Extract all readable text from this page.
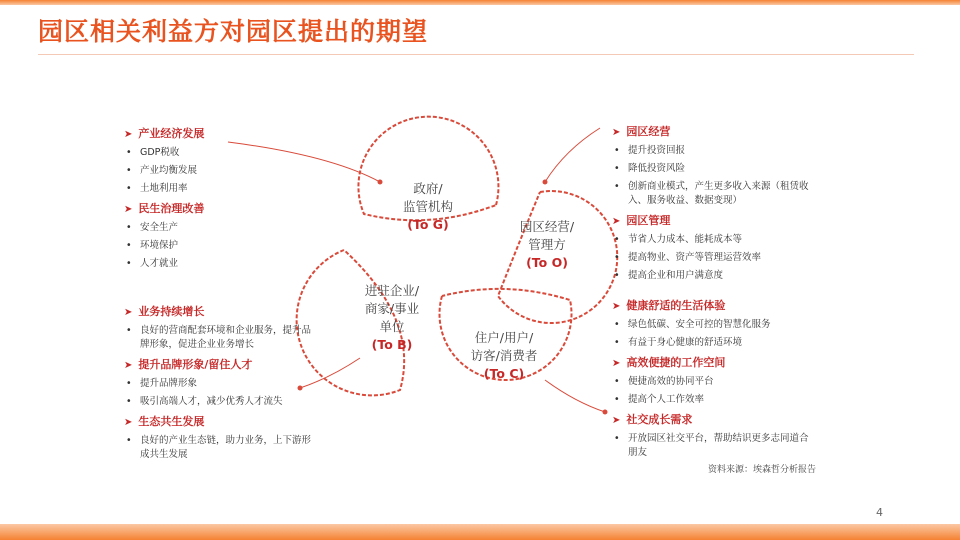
园区相关利益方对园区提出的期望
政府/
监管机构
(To G)	园区经营/
管理方
(To O)
进驻企业/
商家/事业
单位
(To B)	住户/用户/
访客/消费者
(To C)
➤ 产业经济发展
• GDP税收
• 产业均衡发展
• 土地利用率
➤ 民生治理改善
• 安全生产
• 环境保护
• 人才就业
➤ 业务持续增长
• 良好的营商配套环境和企业服务，提升品牌形象，促进企业业务增长
➤ 提升品牌形象/留住人才
• 提升品牌形象
• 吸引高端人才，减少优秀人才流失
➤ 生态共生发展
• 良好的产业生态链，助力业务，上下游形成共生发展
➤ 园区经营
• 提升投资回报
• 降低投资风险
• 创新商业模式，产生更多收入来源（租赁收入、服务收益、数据变现）
➤ 园区管理
• 节省人力成本、能耗成本等
• 提高物业、资产等管理运营效率
• 提高企业和用户满意度
➤ 健康舒适的生活体验
• 绿色低碳、安全可控的智慧化服务
• 有益于身心健康的舒适环境
➤ 高效便捷的工作空间
• 便捷高效的协同平台
• 提高个人工作效率
➤ 社交成长需求
• 开放园区社交平台，帮助结识更多志同道合朋友
资料来源：埃森哲分析报告
4
